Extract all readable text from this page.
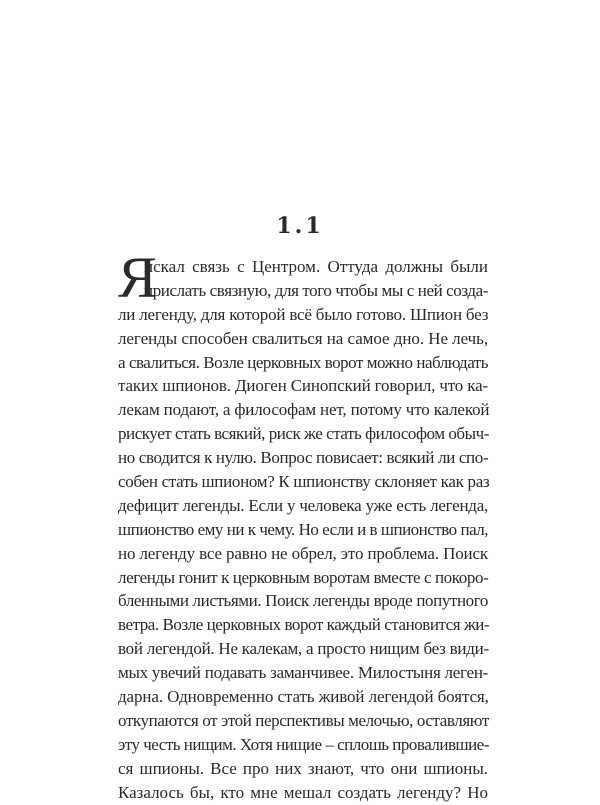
1.1
Я
искал связь с Центром. Оттуда должны были
прислать связную, для того чтобы мы с ней созда-
ли легенду, для которой всё было готово. Шпион без
легенды способен свалиться на самое дно. Не лечь,
а свалиться. Возле церковных ворот можно наблюдать
таких шпионов. Диоген Синопский говорил, что ка-
лекам подают, а философам нет, потому что калекой
рискует стать всякий, риск же стать философом обыч-
но сводится к нулю. Вопрос повисает: всякий ли спо-
собен стать шпионом? К шпионству склоняет как раз
дефицит легенды. Если у человека уже есть легенда,
шпионство ему ни к чему. Но если и в шпионство пал,
но легенду все равно не обрел, это проблема. Поиск
легенды гонит к церковным воротам вместе с покоро-
бленными листьями. Поиск легенды вроде попутного
ветра. Возле церковных ворот каждый становится жи-
вой легендой. Не калекам, а просто нищим без види-
мых увечий подавать заманчивее. Милостыня леген-
дарна. Одновременно стать живой легендой боятся,
откупаются от этой перспективы мелочью, оставляют
эту честь нищим. Хотя нищие – сплошь провалившие-
ся шпионы. Все про них знают, что они шпионы.
Казалось бы, кто мне мешал создать легенду? Но
